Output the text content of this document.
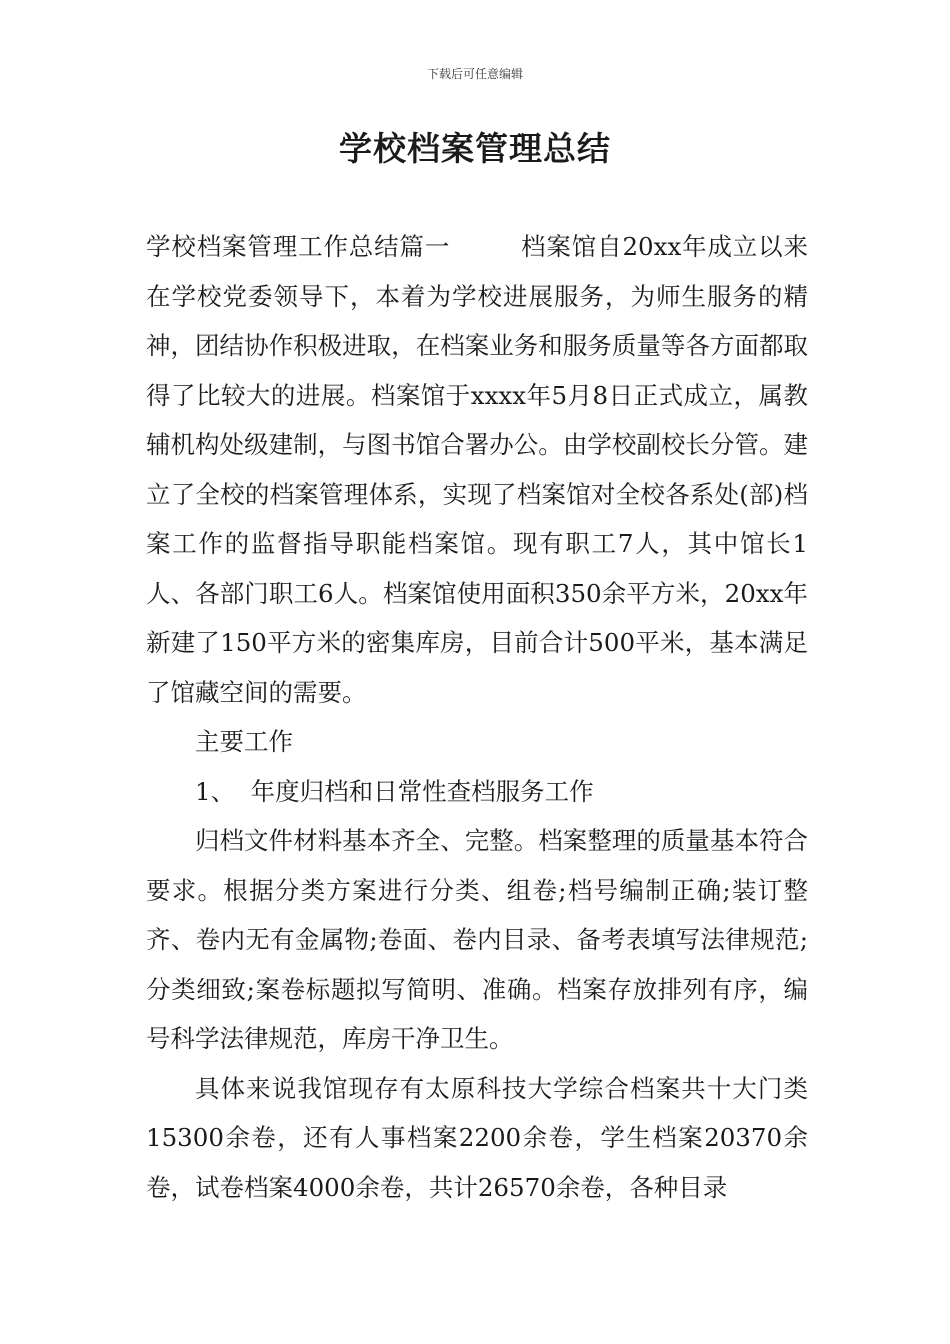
下载后可任意编辑
学校档案管理总结

学校档案管理工作总结篇一	档案馆自20xx年成立以来在学校党委领导下，本着为学校进展服务，为师生服务的精神，团结协作积极进取，在档案业务和服务质量等各方面都取得了比较大的进展。档案馆于xxxx年5月8日正式成立，属教辅机构处级建制，与图书馆合署办公。由学校副校长分管。建立了全校的档案管理体系，实现了档案馆对全校各系处(部)档案工作的监督指导职能档案馆。现有职工7人，其中馆长1人、各部门职工6人。档案馆使用面积350余平方米，20xx年新建了150平方米的密集库房，目前合计500平米，基本满足了馆藏空间的需要。

主要工作

1、  年度归档和日常性查档服务工作

归档文件材料基本齐全、完整。档案整理的质量基本符合要求。根据分类方案进行分类、组卷;档号编制正确;装订整齐、卷内无有金属物;卷面、卷内目录、备考表填写法律规范;分类细致;案卷标题拟写简明、准确。档案存放排列有序，编号科学法律规范，库房干净卫生。

具体来说我馆现存有太原科技大学综合档案共十大门类15300余卷，还有人事档案2200余卷，学生档案20370余卷，试卷档案4000余卷，共计26570余卷，各种目录
